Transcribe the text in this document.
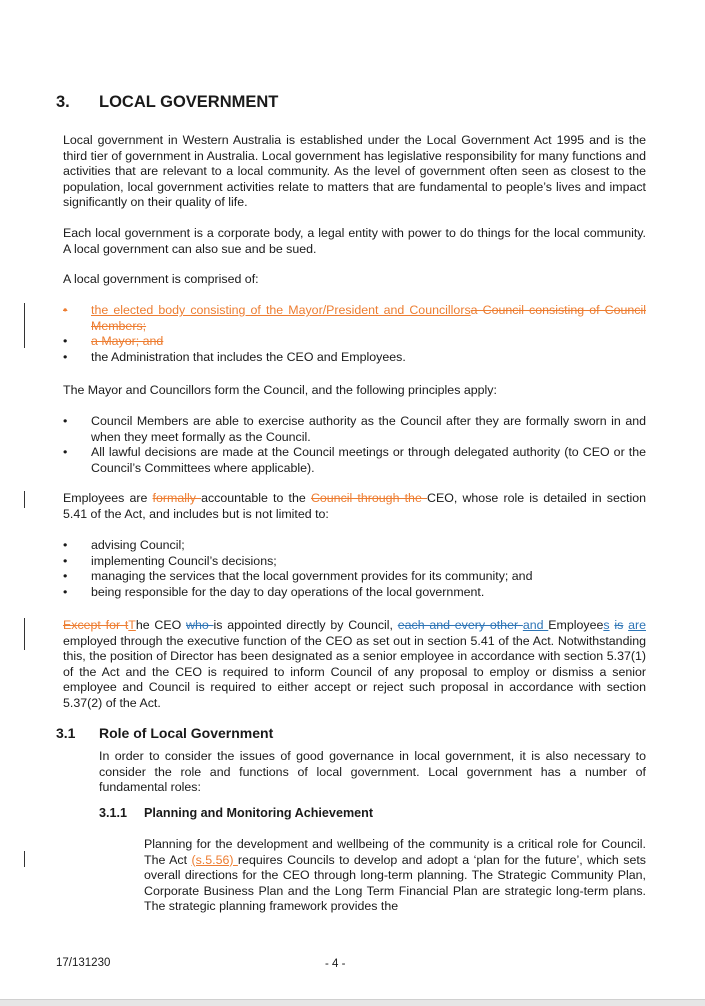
3. LOCAL GOVERNMENT

Local government in Western Australia is established under the Local Government Act 1995 and is the third tier of government in Australia. Local government has legislative responsibility for many functions and activities that are relevant to a local community. As the level of government often seen as closest to the population, local government activities relate to matters that are fundamental to people’s lives and impact significantly on their quality of life.

Each local government is a corporate body, a legal entity with power to do things for the local community. A local government can also sue and be sued.

A local government is comprised of:

•	the elected body consisting of the Mayor/President and Councillorsa Council consisting of Council Members;
•	a Mayor; and
•	the Administration that includes the CEO and Employees.

The Mayor and Councillors form the Council, and the following principles apply:

•	Council Members are able to exercise authority as the Council after they are formally sworn in and when they meet formally as the Council.
•	All lawful decisions are made at the Council meetings or through delegated authority (to CEO or the Council’s Committees where applicable).

Employees are formally accountable to the Council through the CEO, whose role is detailed in section 5.41 of the Act, and includes but is not limited to:

•	advising Council;
•	implementing Council’s decisions;
•	managing the services that the local government provides for its community; and
•	being responsible for the day to day operations of the local government.

Except for tThe CEO who is appointed directly by Council, each and every other and Employees is are employed through the executive function of the CEO as set out in section 5.41 of the Act. Notwithstanding this, the position of Director has been designated as a senior employee in accordance with section 5.37(1) of the Act and the CEO is required to inform Council of any proposal to employ or dismiss a senior employee and Council is required to either accept or reject such proposal in accordance with section 5.37(2) of the Act.

3.1 Role of Local Government

In order to consider the issues of good governance in local government, it is also necessary to consider the role and functions of local government. Local government has a number of fundamental roles:

3.1.1 Planning and Monitoring Achievement

Planning for the development and wellbeing of the community is a critical role for Council. The Act (s.5.56) requires Councils to develop and adopt a ‘plan for the future’, which sets overall directions for the CEO through long-term planning. The Strategic Community Plan, Corporate Business Plan and the Long Term Financial Plan are strategic long-term plans. The strategic planning framework provides the

17/131230	- 4 -
